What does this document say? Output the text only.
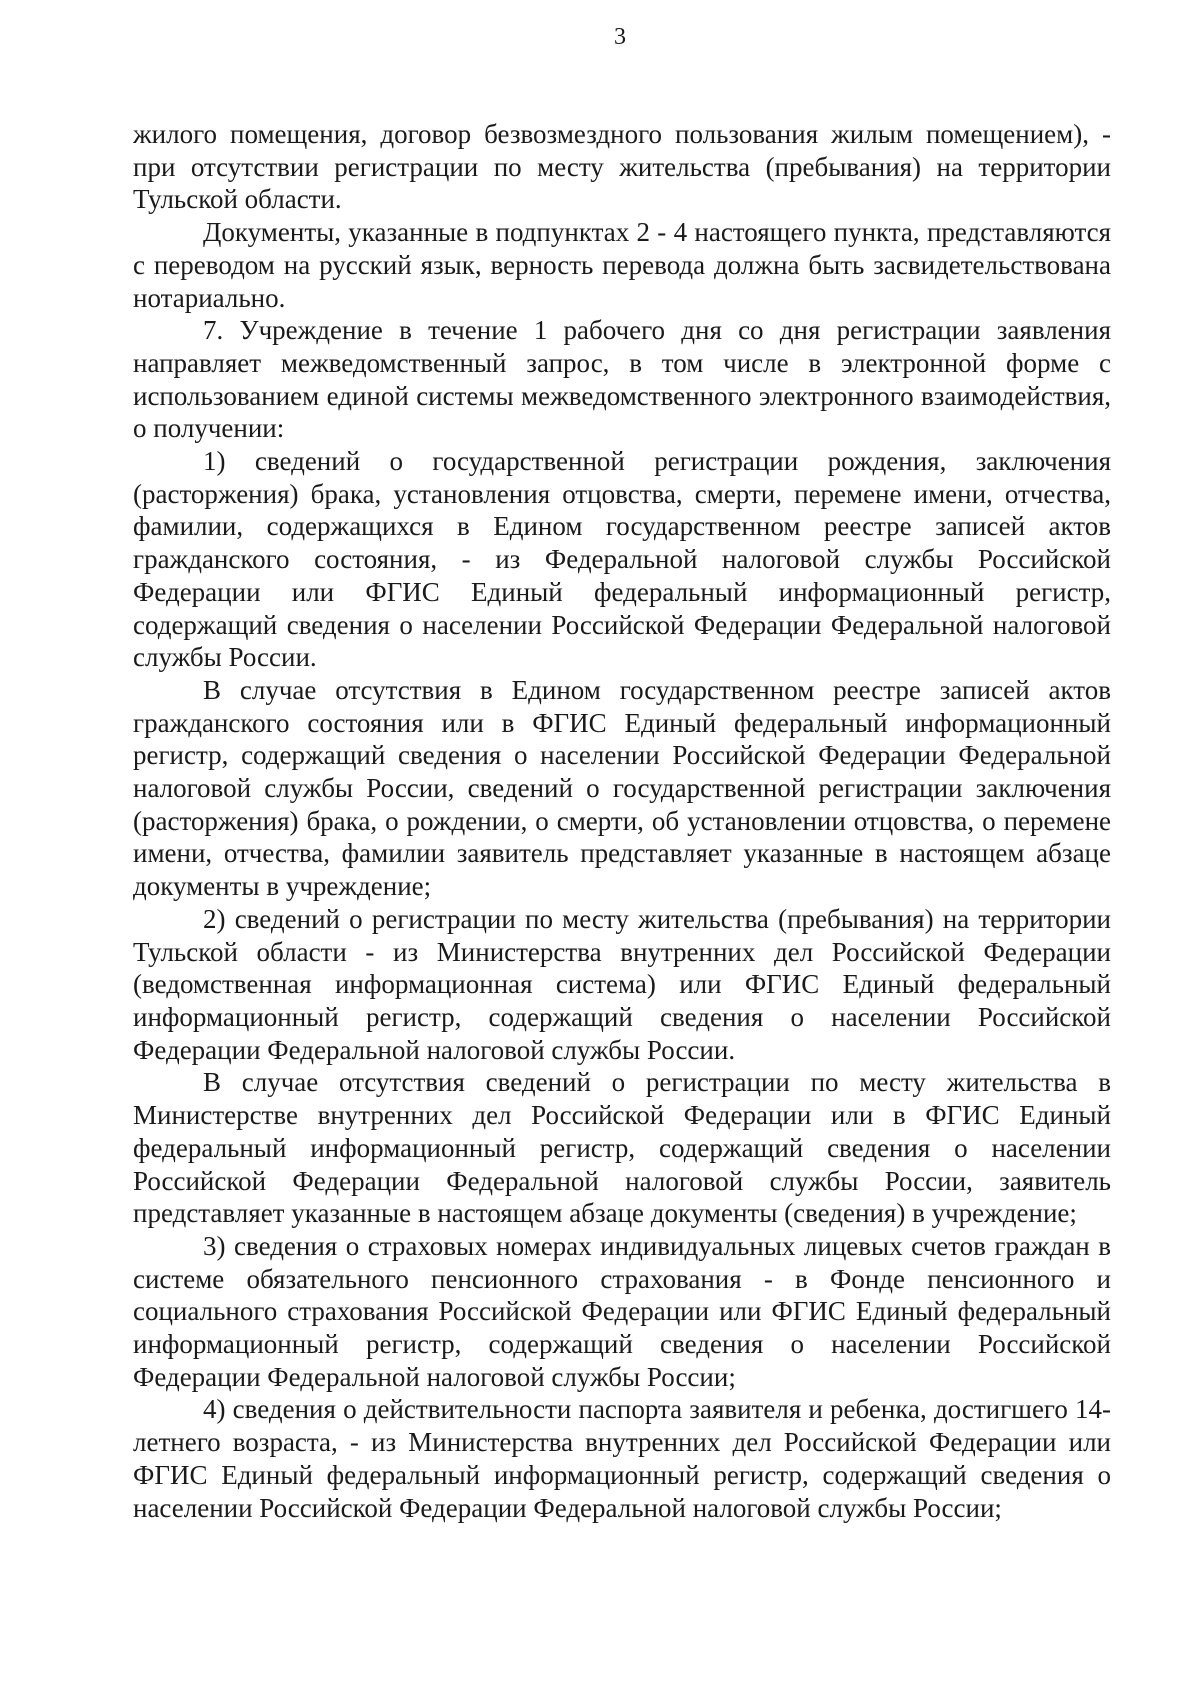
3

жилого помещения, договор безвозмездного пользования жилым помещением), - при отсутствии регистрации по месту жительства (пребывания) на территории Тульской области.

Документы, указанные в подпунктах 2 - 4 настоящего пункта, представляются с переводом на русский язык, верность перевода должна быть засвидетельствована нотариально.

7. Учреждение в течение 1 рабочего дня со дня регистрации заявления направляет межведомственный запрос, в том числе в электронной форме с использованием единой системы межведомственного электронного взаимодействия, о получении:

1) сведений о государственной регистрации рождения, заключения (расторжения) брака, установления отцовства, смерти, перемене имени, отчества, фамилии, содержащихся в Едином государственном реестре записей актов гражданского состояния, - из Федеральной налоговой службы Российской Федерации или ФГИС Единый федеральный информационный регистр, содержащий сведения о населении Российской Федерации Федеральной налоговой службы России.

В случае отсутствия в Едином государственном реестре записей актов гражданского состояния или в ФГИС Единый федеральный информационный регистр, содержащий сведения о населении Российской Федерации Федеральной налоговой службы России, сведений о государственной регистрации заключения (расторжения) брака, о рождении, о смерти, об установлении отцовства, о перемене имени, отчества, фамилии заявитель представляет указанные в настоящем абзаце документы в учреждение;

2) сведений о регистрации по месту жительства (пребывания) на территории Тульской области - из Министерства внутренних дел Российской Федерации (ведомственная информационная система) или ФГИС Единый федеральный информационный регистр, содержащий сведения о населении Российской Федерации Федеральной налоговой службы России.

В случае отсутствия сведений о регистрации по месту жительства в Министерстве внутренних дел Российской Федерации или в ФГИС Единый федеральный информационный регистр, содержащий сведения о населении Российской Федерации Федеральной налоговой службы России, заявитель представляет указанные в настоящем абзаце документы (сведения) в учреждение;

3) сведения о страховых номерах индивидуальных лицевых счетов граждан в системе обязательного пенсионного страхования - в Фонде пенсионного и социального страхования Российской Федерации или ФГИС Единый федеральный информационный регистр, содержащий сведения о населении Российской Федерации Федеральной налоговой службы России;

4) сведения о действительности паспорта заявителя и ребенка, достигшего 14-летнего возраста, - из Министерства внутренних дел Российской Федерации или ФГИС Единый федеральный информационный регистр, содержащий сведения о населении Российской Федерации Федеральной налоговой службы России;
